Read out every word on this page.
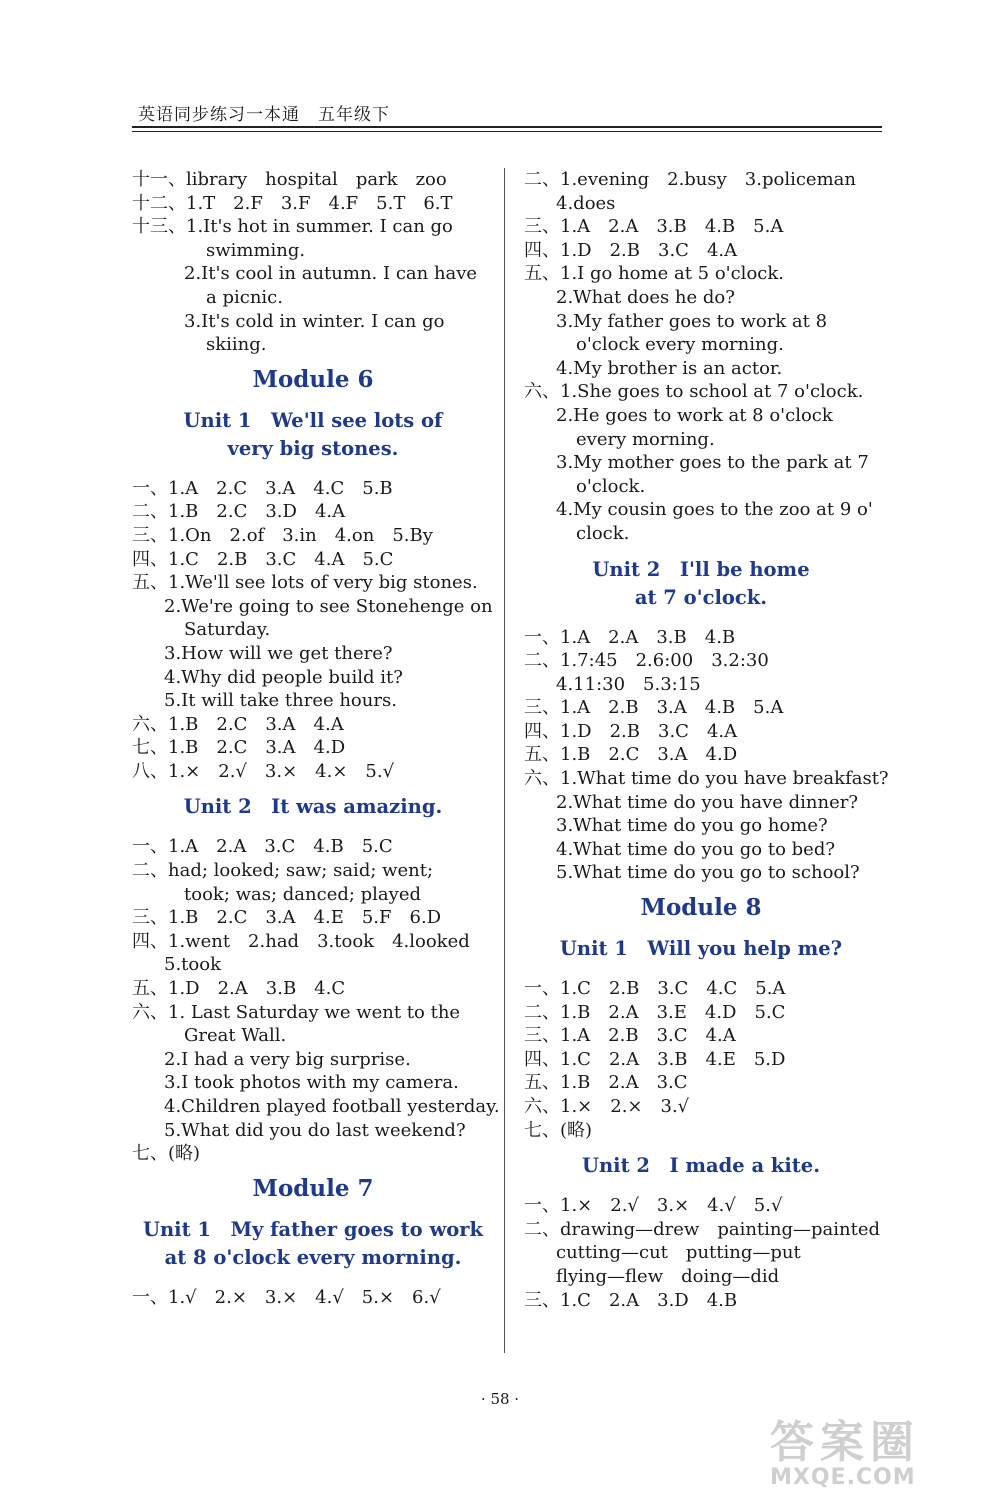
英语同步练习一本通　五年级下
十一、library　hospital　park　zoo
十二、1.T　2.F　3.F　4.F　5.T　6.T
十三、1.It's hot in summer. I can go
swimming.
2.It's cool in autumn. I can have
a picnic.
3.It's cold in winter. I can go
skiing.
Module 6
Unit 1　We'll see lots of
very big stones.
一、1.A　2.C　3.A　4.C　5.B
二、1.B　2.C　3.D　4.A
三、1.On　2.of　3.in　4.on　5.By
四、1.C　2.B　3.C　4.A　5.C
五、1.We'll see lots of very big stones.
2.We're going to see Stonehenge on
Saturday.
3.How will we get there?
4.Why did people build it?
5.It will take three hours.
六、1.B　2.C　3.A　4.A
七、1.B　2.C　3.A　4.D
八、1.×　2.√　3.×　4.×　5.√
Unit 2　It was amazing.
一、1.A　2.A　3.C　4.B　5.C
二、had; looked; saw; said; went;
took; was; danced; played
三、1.B　2.C　3.A　4.E　5.F　6.D
四、1.went　2.had　3.took　4.looked
5.took
五、1.D　2.A　3.B　4.C
六、1. Last Saturday we went to the
Great Wall.
2.I had a very big surprise.
3.I took photos with my camera.
4.Children played football yesterday.
5.What did you do last weekend?
七、(略)
Module 7
Unit 1　My father goes to work
at 8 o'clock every morning.
一、1.√　2.×　3.×　4.√　5.×　6.√
二、1.evening　2.busy　3.policeman
4.does
三、1.A　2.A　3.B　4.B　5.A
四、1.D　2.B　3.C　4.A
五、1.I go home at 5 o'clock.
2.What does he do?
3.My father goes to work at 8
o'clock every morning.
4.My brother is an actor.
六、1.She goes to school at 7 o'clock.
2.He goes to work at 8 o'clock
every morning.
3.My mother goes to the park at 7
o'clock.
4.My cousin goes to the zoo at 9 o'
clock.
Unit 2　I'll be home
at 7 o'clock.
一、1.A　2.A　3.B　4.B
二、1.7:45　2.6:00　3.2:30
4.11:30　5.3:15
三、1.A　2.B　3.A　4.B　5.A
四、1.D　2.B　3.C　4.A
五、1.B　2.C　3.A　4.D
六、1.What time do you have breakfast?
2.What time do you have dinner?
3.What time do you go home?
4.What time do you go to bed?
5.What time do you go to school?
Module 8
Unit 1　Will you help me?
一、1.C　2.B　3.C　4.C　5.A
二、1.B　2.A　3.E　4.D　5.C
三、1.A　2.B　3.C　4.A
四、1.C　2.A　3.B　4.E　5.D
五、1.B　2.A　3.C
六、1.×　2.×　3.√
七、(略)
Unit 2　I made a kite.
一、1.×　2.√　3.×　4.√　5.√
二、drawing—drew　painting—painted
cutting—cut　putting—put
flying—flew　doing—did
三、1.C　2.A　3.D　4.B
· 58 ·
答案圈
MXQE.COM
